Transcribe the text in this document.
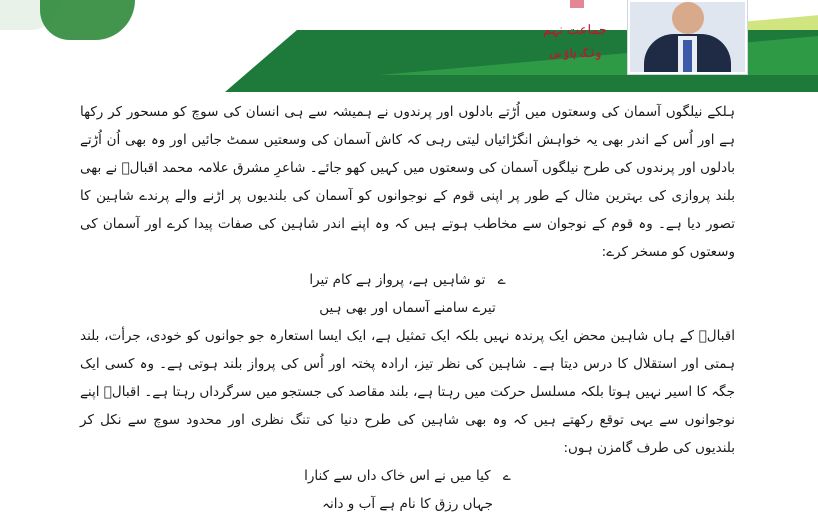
جماعت نہم
ونگ ہاؤس

ہلکے نیلگوں آسمان کی وسعتوں میں اُڑتے بادلوں اور پرندوں نے ہمیشہ سے ہی انسان کی سوچ کو مسحور کر رکھا ہے اور اُس کے اندر بھی یہ خواہش انگڑائیاں لیتی رہی کہ کاش آسمان کی وسعتیں سمٹ جائیں اور وہ بھی اُن اُڑتے بادلوں اور پرندوں کی طرح نیلگوں آسمان کی وسعتوں میں کہیں کھو جائے۔ شاعرِ مشرق علامہ محمد اقبالؒ نے بھی بلند پروازی کی بہترین مثال کے طور پر اپنی قوم کے نوجوانوں کو آسمان کی بلندیوں پر اڑنے والے پرندے شاہین کا تصور دیا ہے۔ وہ قوم کے نوجوان سے مخاطب ہوتے ہیں کہ وہ اپنے اندر شاہین کی صفات پیدا کرے اور آسمان کی وسعتوں کو مسخر کرے:

ے تو شاہیں ہے، پرواز ہے کام تیرا
تیرے سامنے آسماں اور بھی ہیں

اقبالؒ کے ہاں شاہین محض ایک پرندہ نہیں بلکہ ایک تمثیل ہے، ایک ایسا استعارہ جو جوانوں کو خودی، جرأت، بلند ہمتی اور استقلال کا درس دیتا ہے۔ شاہین کی نظر تیز، ارادہ پختہ اور اُس کی پرواز بلند ہوتی ہے۔ وہ کسی ایک جگہ کا اسیر نہیں ہوتا بلکہ مسلسل حرکت میں رہتا ہے، بلند مقاصد کی جستجو میں سرگرداں رہتا ہے۔ اقبالؒ اپنے نوجوانوں سے یہی توقع رکھتے ہیں کہ وہ بھی شاہین کی طرح دنیا کی تنگ نظری اور محدود سوچ سے نکل کر بلندیوں کی طرف گامزن ہوں:

ے کیا میں نے اس خاک داں سے کنارا
جہاں رزق کا نام ہے آب و دانہ
